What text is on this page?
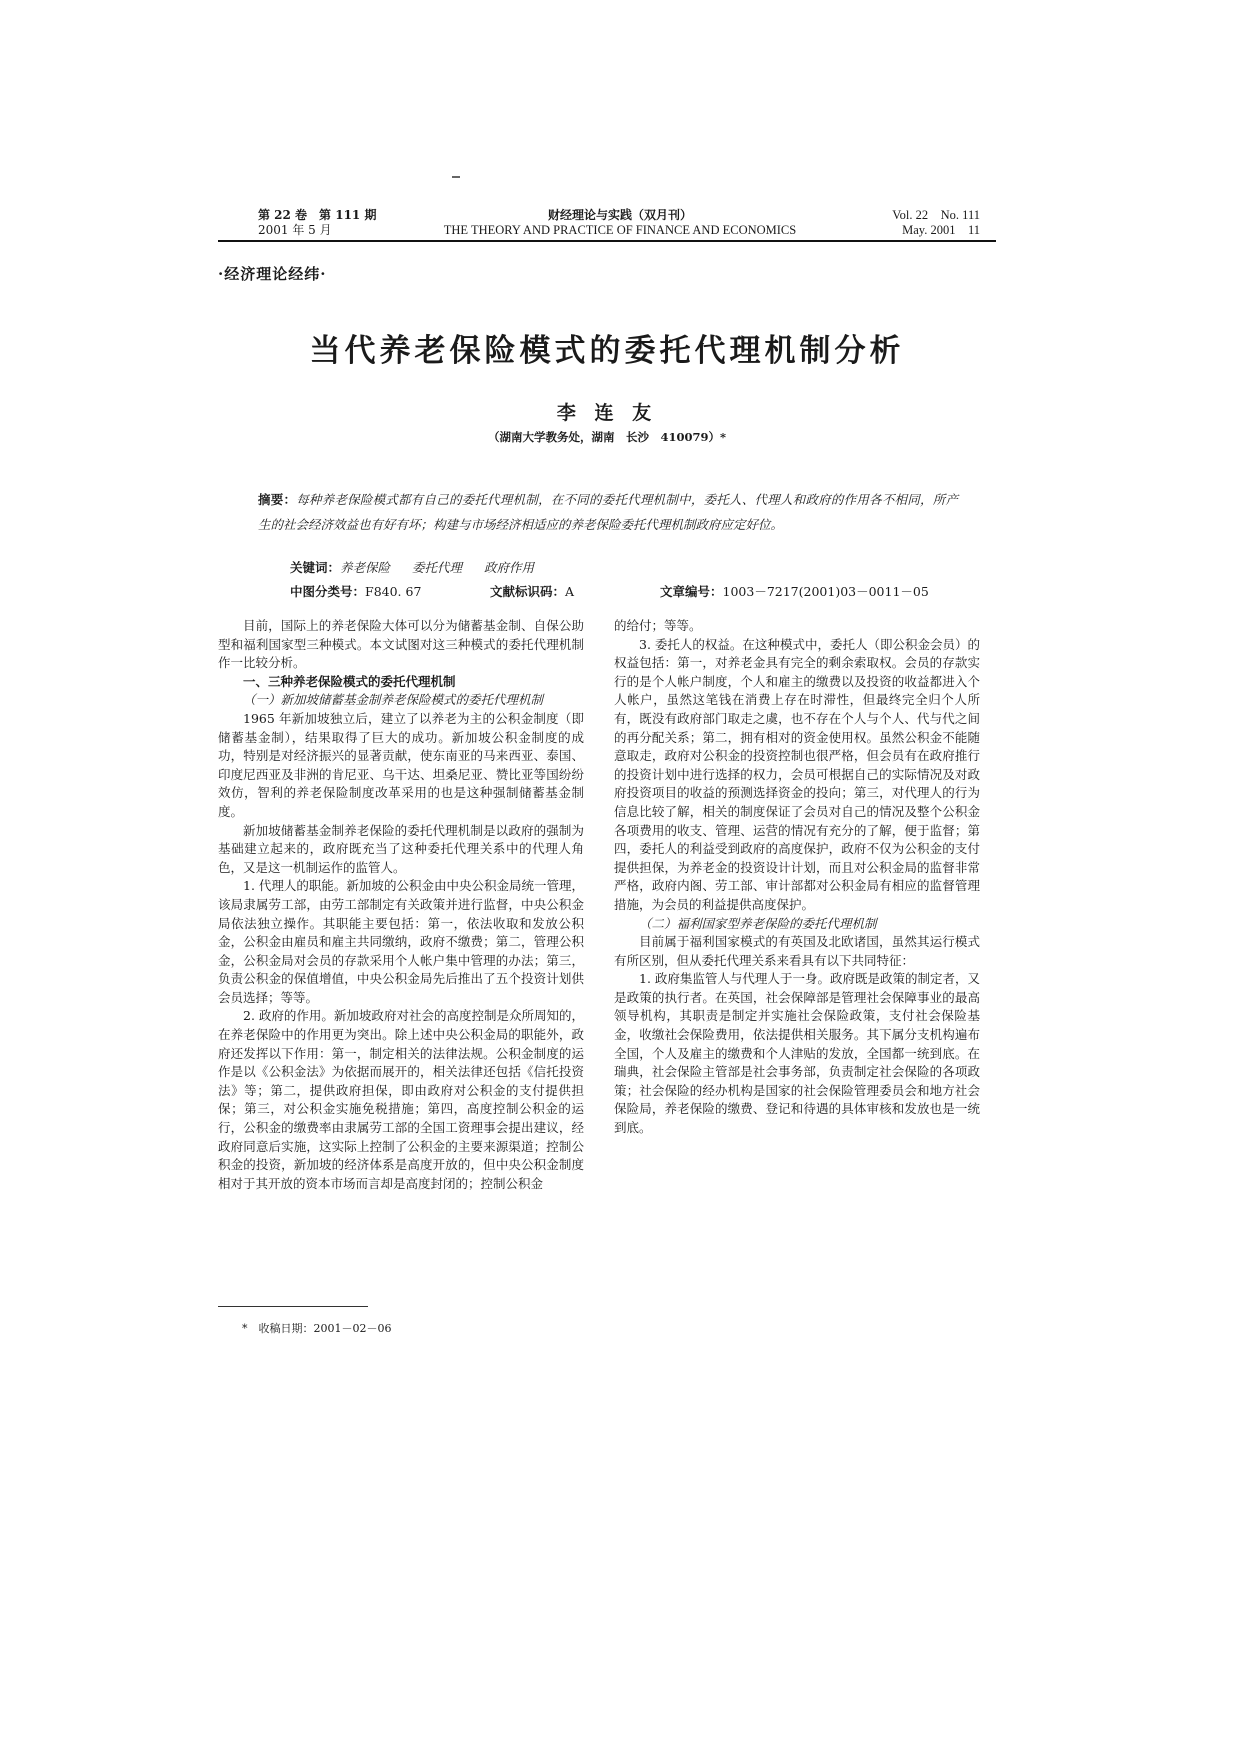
第 22 卷　第 111 期
2001 年 5 月
财经理论与实践（双月刊）
THE THEORY AND PRACTICE OF FINANCE AND ECONOMICS
Vol. 22　No. 111
May. 2001　11
·经济理论经纬·
当代养老保险模式的委托代理机制分析
李 连 友
（湖南大学教务处，湖南　长沙　410079）*
摘要：每种养老保险模式都有自己的委托代理机制，在不同的委托代理机制中，委托人、代理人和政府的作用各不相同，所产生的社会经济效益也有好有坏；构建与市场经济相适应的养老保险委托代理机制政府应定好位。
关键词：养老保险 委托代理 政府作用
中图分类号：F840. 67	文献标识码：A	文章编号：1003－7217(2001)03－0011－05

目前，国际上的养老保险大体可以分为储蓄基金制、自保公助型和福利国家型三种模式。本文试图对这三种模式的委托代理机制作一比较分析。

一、三种养老保险模式的委托代理机制

（一）新加坡储蓄基金制养老保险模式的委托代理机制

1965 年新加坡独立后，建立了以养老为主的公积金制度（即储蓄基金制），结果取得了巨大的成功。新加坡公积金制度的成功，特别是对经济振兴的显著贡献，使东南亚的马来西亚、泰国、印度尼西亚及非洲的肯尼亚、乌干达、坦桑尼亚、赞比亚等国纷纷效仿，智利的养老保险制度改革采用的也是这种强制储蓄基金制度。

新加坡储蓄基金制养老保险的委托代理机制是以政府的强制为基础建立起来的，政府既充当了这种委托代理关系中的代理人角色，又是这一机制运作的监管人。

1. 代理人的职能。新加坡的公积金由中央公积金局统一管理，该局隶属劳工部，由劳工部制定有关政策并进行监督，中央公积金局依法独立操作。其职能主要包括：第一，依法收取和发放公积金，公积金由雇员和雇主共同缴纳，政府不缴费；第二，管理公积金，公积金局对会员的存款采用个人帐户集中管理的办法；第三，负责公积金的保值增值，中央公积金局先后推出了五个投资计划供会员选择；等等。

2. 政府的作用。新加坡政府对社会的高度控制是众所周知的，在养老保险中的作用更为突出。除上述中央公积金局的职能外，政府还发挥以下作用：第一，制定相关的法律法规。公积金制度的运作是以《公积金法》为依据而展开的，相关法律还包括《信托投资法》等；第二，提供政府担保，即由政府对公积金的支付提供担保；第三，对公积金实施免税措施；第四，高度控制公积金的运行，公积金的缴费率由隶属劳工部的全国工资理事会提出建议，经政府同意后实施，这实际上控制了公积金的主要来源渠道；控制公积金的投资，新加坡的经济体系是高度开放的，但中央公积金制度相对于其开放的资本市场而言却是高度封闭的；控制公积金

的给付；等等。

3. 委托人的权益。在这种模式中，委托人（即公积金会员）的权益包括：第一，对养老金具有完全的剩余索取权。会员的存款实行的是个人帐户制度，个人和雇主的缴费以及投资的收益都进入个人帐户，虽然这笔钱在消费上存在时滞性，但最终完全归个人所有，既没有政府部门取走之虞，也不存在个人与个人、代与代之间的再分配关系；第二，拥有相对的资金使用权。虽然公积金不能随意取走，政府对公积金的投资控制也很严格，但会员有在政府推行的投资计划中进行选择的权力，会员可根据自己的实际情况及对政府投资项目的收益的预测选择资金的投向；第三，对代理人的行为信息比较了解，相关的制度保证了会员对自己的情况及整个公积金各项费用的收支、管理、运营的情况有充分的了解，便于监督；第四，委托人的利益受到政府的高度保护，政府不仅为公积金的支付提供担保，为养老金的投资设计计划，而且对公积金局的监督非常严格，政府内阁、劳工部、审计部都对公积金局有相应的监督管理措施，为会员的利益提供高度保护。

（二）福利国家型养老保险的委托代理机制

目前属于福利国家模式的有英国及北欧诸国，虽然其运行模式有所区别，但从委托代理关系来看具有以下共同特征：

1. 政府集监管人与代理人于一身。政府既是政策的制定者，又是政策的执行者。在英国，社会保障部是管理社会保障事业的最高领导机构，其职责是制定并实施社会保险政策，支付社会保险基金，收缴社会保险费用，依法提供相关服务。其下属分支机构遍布全国，个人及雇主的缴费和个人津贴的发放，全国都一统到底。在瑞典，社会保险主管部是社会事务部，负责制定社会保险的各项政策；社会保险的经办机构是国家的社会保险管理委员会和地方社会保险局，养老保险的缴费、登记和待遇的具体审核和发放也是一统到底。

*　收稿日期：2001－02－06
